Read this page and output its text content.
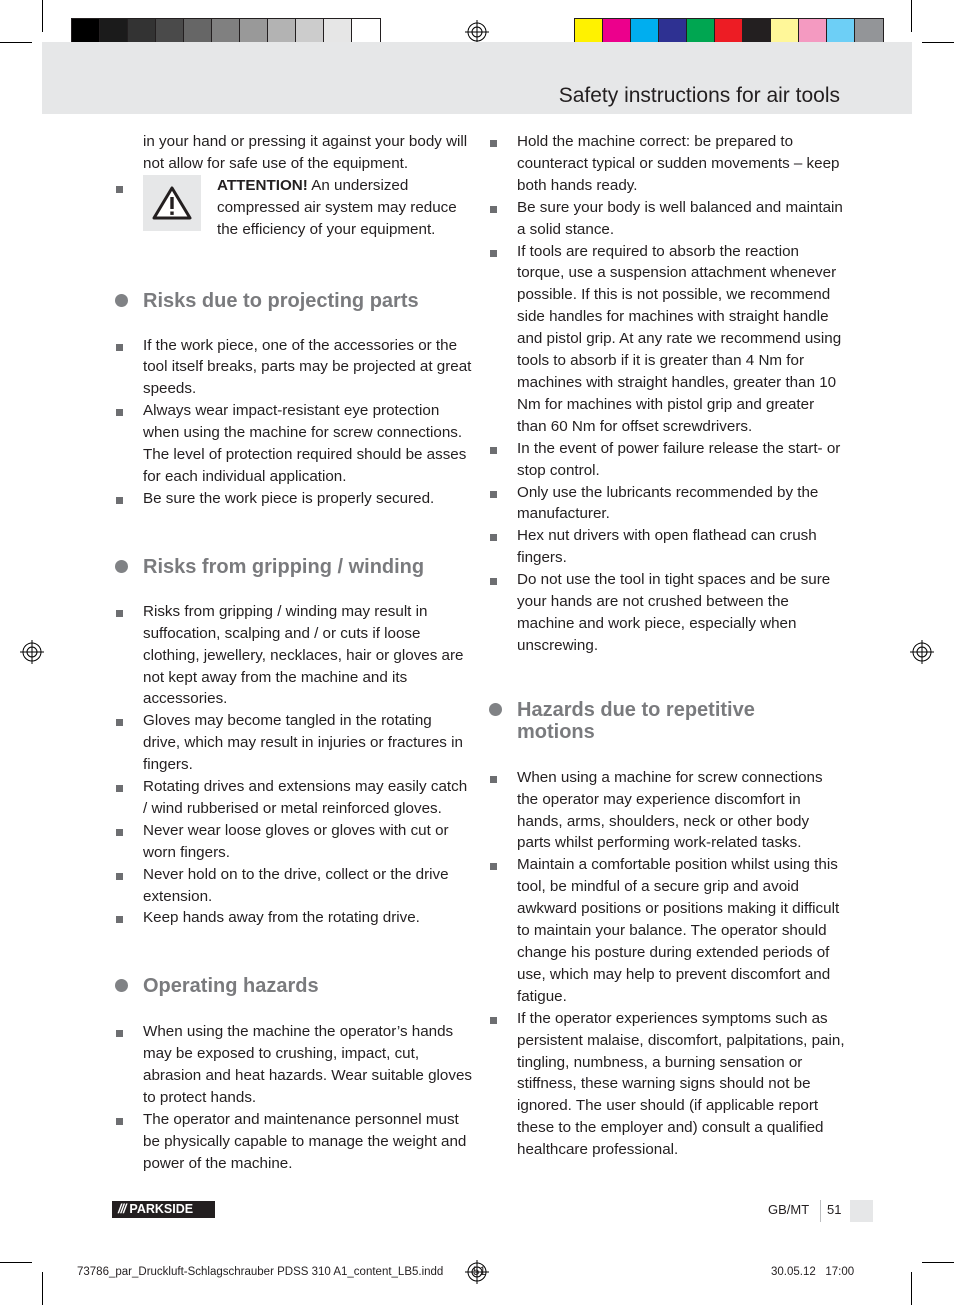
Safety instructions for air tools
in your hand or pressing it against your body will not allow for safe use of the equipment.
ATTENTION! An undersized compressed air system may reduce the efficiency of your equipment.
Risks due to projecting parts
If the work piece, one of the accessories or the tool itself breaks, parts may be projected at great speeds.
Always wear impact-resistant eye protection when using the machine for screw connections. The level of protection required should be asses for each individual application.
Be sure the work piece is properly secured.
Risks from gripping / winding
Risks from gripping / winding may result in suffocation, scalping and / or cuts if loose clothing, jewellery, necklaces, hair or gloves are not kept away from the machine and its accessories.
Gloves may become tangled in the rotating drive, which may result in injuries or fractures in fingers.
Rotating drives and extensions may easily catch / wind rubberised or metal reinforced gloves.
Never wear loose gloves or gloves with cut or worn fingers.
Never hold on to the drive, collect or the drive extension.
Keep hands away from the rotating drive.
Operating hazards
When using the machine the operator’s hands may be exposed to crushing, impact, cut, abrasion and heat hazards. Wear suitable gloves to protect hands.
The operator and maintenance personnel must be physically capable to manage the weight and power of the machine.
Hold the machine correct: be prepared to counteract typical or sudden movements – keep both hands ready.
Be sure your body is well balanced and maintain a solid stance.
If tools are required to absorb the reaction torque, use a suspension attachment whenever possible. If this is not possible, we recommend side handles for machines with straight handle and pistol grip. At any rate we recommend using tools to absorb if it is greater than 4 Nm for machines with straight handles, greater than 10 Nm for machines with pistol grip and greater than 60 Nm for offset screwdrivers.
In the event of power failure release the start- or stop control.
Only use the lubricants recommended by the manufacturer.
Hex nut drivers with open flathead can crush fingers.
Do not use the tool in tight spaces and be sure your hands are not crushed between the machine and work piece, especially when unscrewing.
Hazards due to repetitive motions
When using a machine for screw connections the operator may experience discomfort in hands, arms, shoulders, neck or other body parts whilst performing work-related tasks.
Maintain a comfortable position whilst using this tool, be mindful of a secure grip and avoid awkward positions or positions making it difficult to maintain your balance. The operator should change his posture during extended periods of use, which may help to prevent discomfort and fatigue.
If the operator experiences symptoms such as persistent malaise, discomfort, palpitations, pain, tingling, numbness, a burning sensation or stiffness, these warning signs should not be ignored. The user should (if applicable report these to the employer and) consult a qualified healthcare professional.
/// PARKSIDE	GB/MT 51
73786_par_Druckluft-Schlagschrauber PDSS 310 A1_content_LB5.indd	51	30.05.12 17:00
